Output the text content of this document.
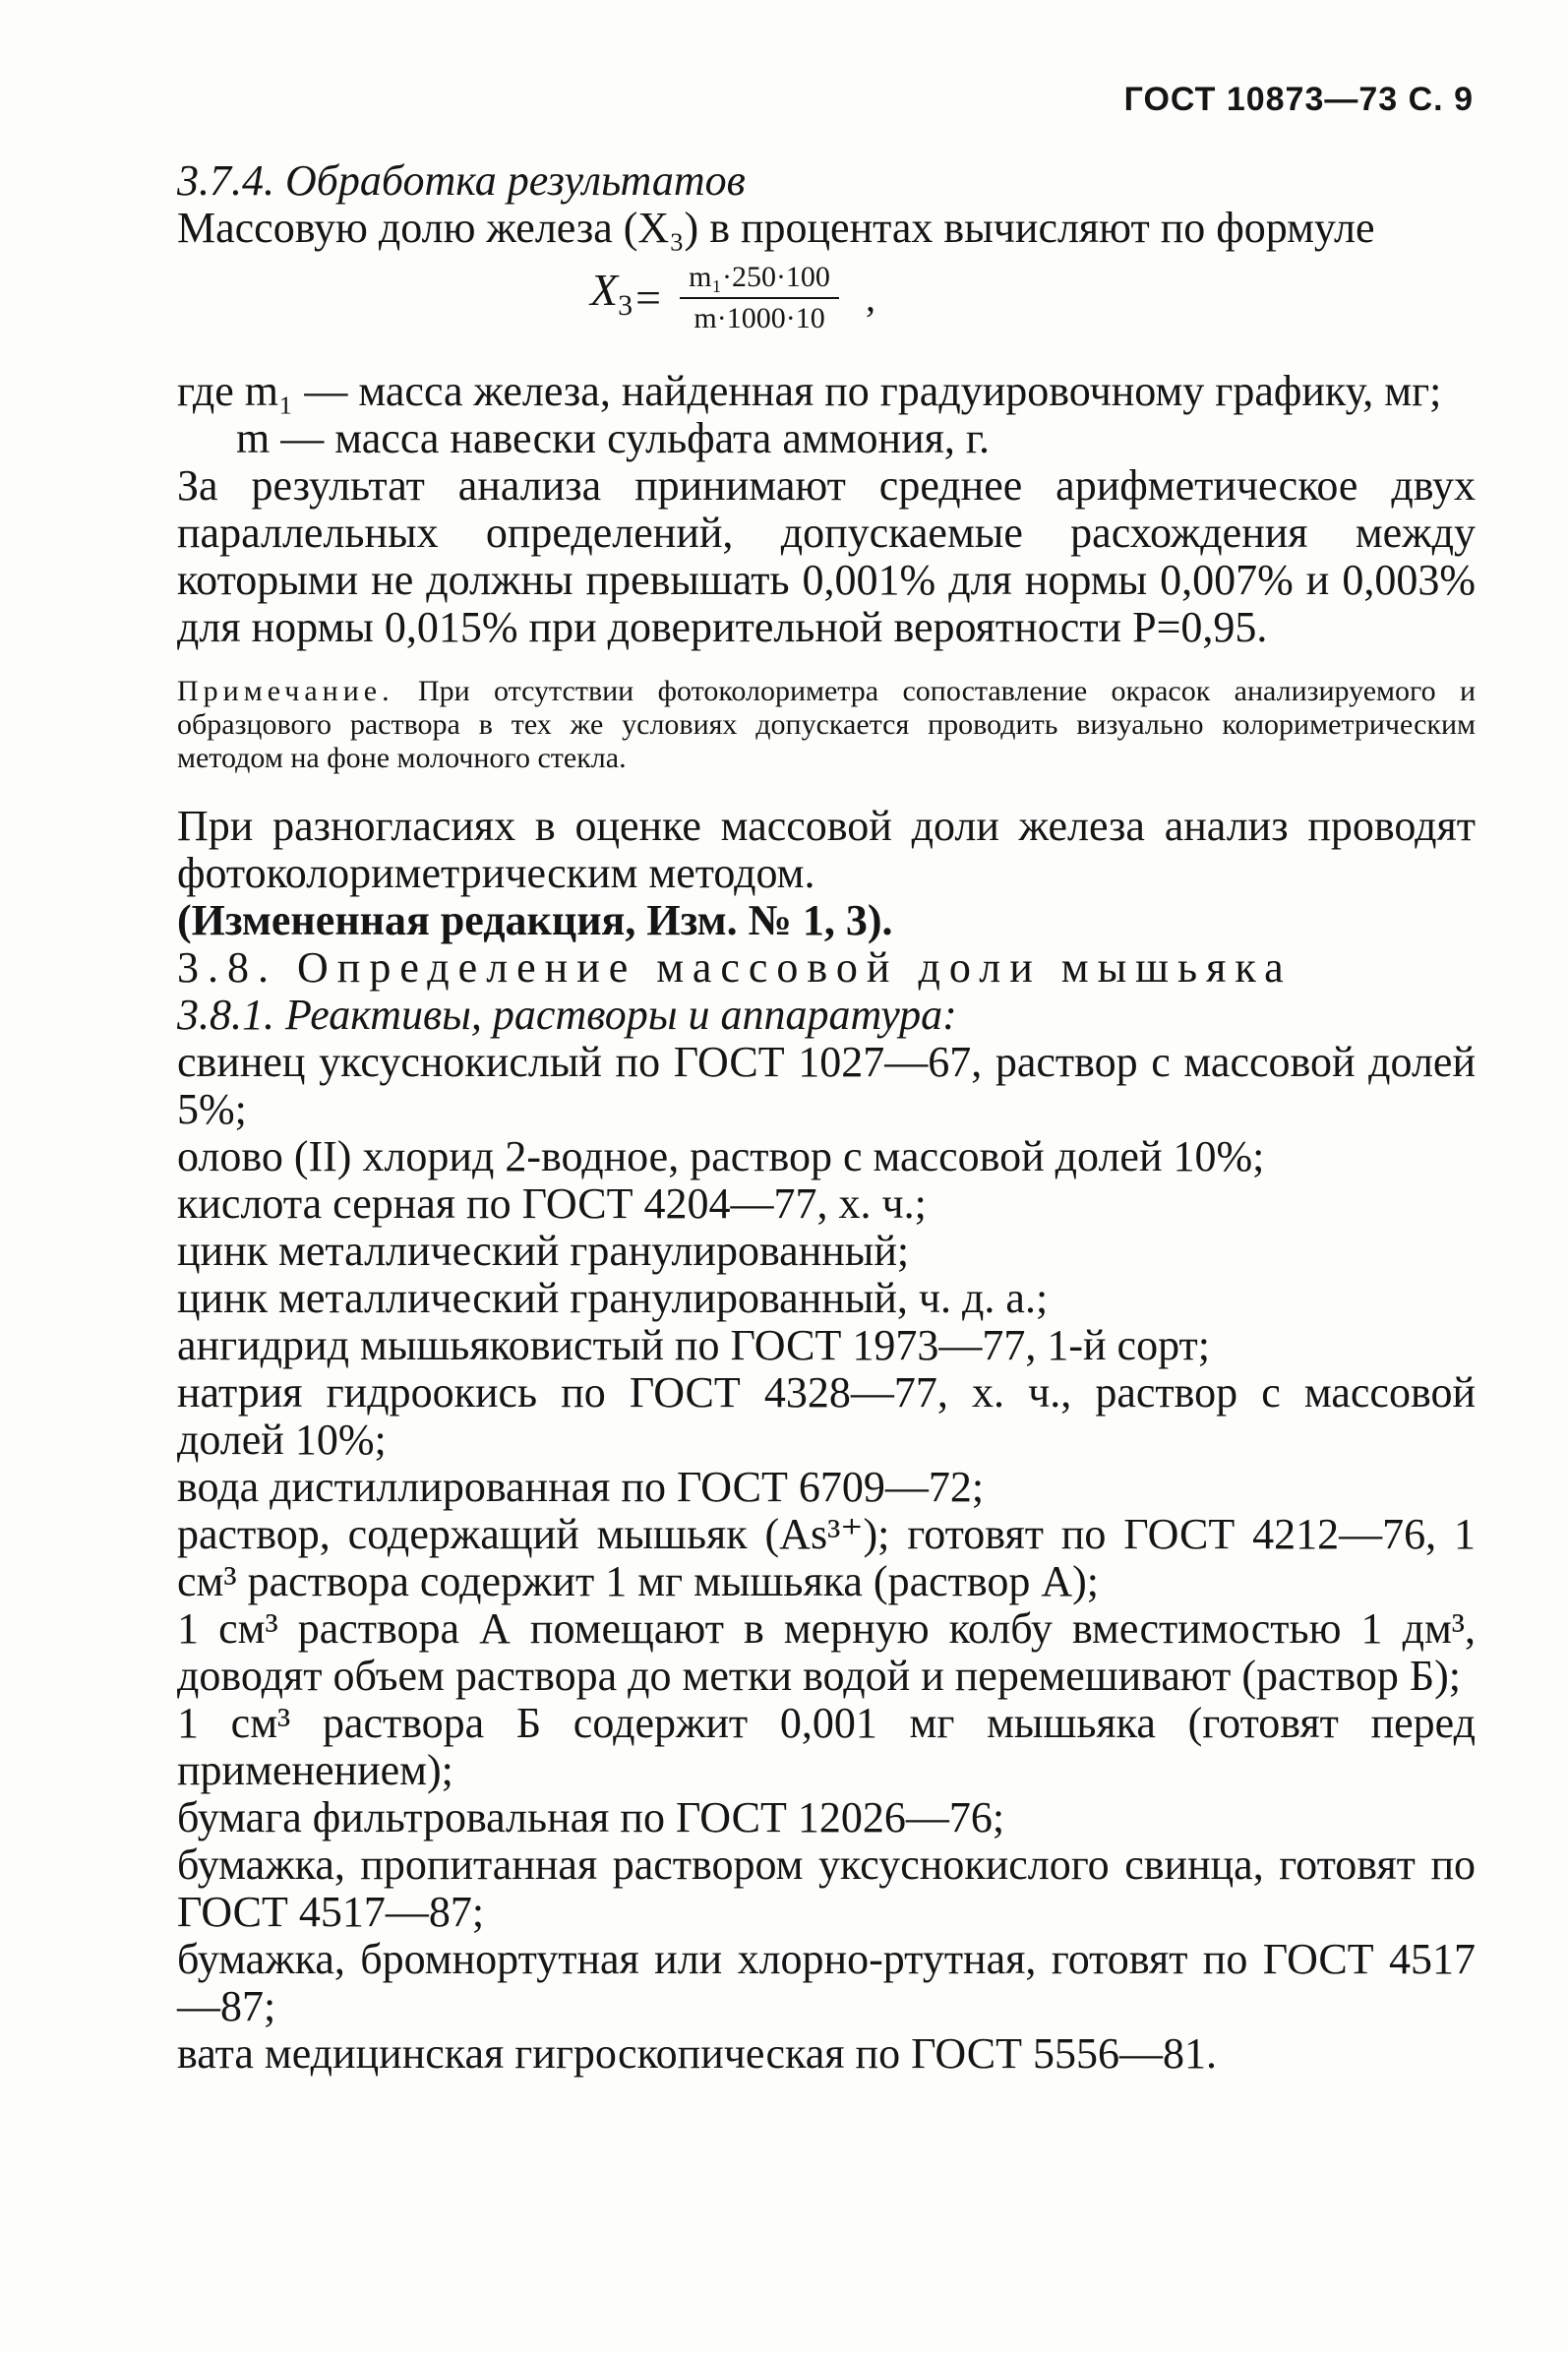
ГОСТ 10873—73 С. 9

3.7.4. Обработка результатов

Массовую долю железа (X₃) в процентах вычисляют по формуле

$X_3 = \frac{\text{m₁·250·100}}{m\cdot 1000\cdot 10}$ ,

где m₁ — масса железа, найденная по градуировочному графику, мг;

m — масса навески сульфата аммония, г.

За результат анализа принимают среднее арифметическое двух параллельных определений, допускаемые расхождения между которыми не должны превышать 0,001% для нормы 0,007% и 0,003% для нормы 0,015% при доверительной вероятности P=0,95.

Примечание. При отсутствии фотоколориметра сопоставление окрасок анализируемого и образцового раствора в тех же условиях допускается проводить визуально колориметрическим методом на фоне молочного стекла.

При разногласиях в оценке массовой доли железа анализ проводят фотоколориметрическим методом.

(Измененная редакция, Изм. № 1, 3).

3.8. Определение массовой доли мышьяка

3.8.1. Реактивы, растворы и аппаратура:

свинец уксуснокислый по ГОСТ 1027—67, раствор с массовой долей 5%;

олово (II) хлорид 2-водное, раствор с массовой долей 10%;

кислота серная по ГОСТ 4204—77, х. ч.;

цинк металлический гранулированный;

цинк металлический гранулированный, ч. д. а.;

ангидрид мышьяковистый по ГОСТ 1973—77, 1-й сорт;

натрия гидроокись по ГОСТ 4328—77, х. ч., раствор с массовой долей 10%;

вода дистиллированная по ГОСТ 6709—72;

раствор, содержащий мышьяк (As³⁺); готовят по ГОСТ 4212—76, 1 см³ раствора содержит 1 мг мышьяка (раствор А);

1 см³ раствора А помещают в мерную колбу вместимостью 1 дм³, доводят объем раствора до метки водой и перемешивают (раствор Б);

1 см³ раствора Б содержит 0,001 мг мышьяка (готовят перед применением);

бумага фильтровальная по ГОСТ 12026—76;

бумажка, пропитанная раствором уксуснокислого свинца, готовят по ГОСТ 4517—87;

бумажка, бромнортутная или хлорно-ртутная, готовят по ГОСТ 4517—87;

вата медицинская гигроскопическая по ГОСТ 5556—81.
